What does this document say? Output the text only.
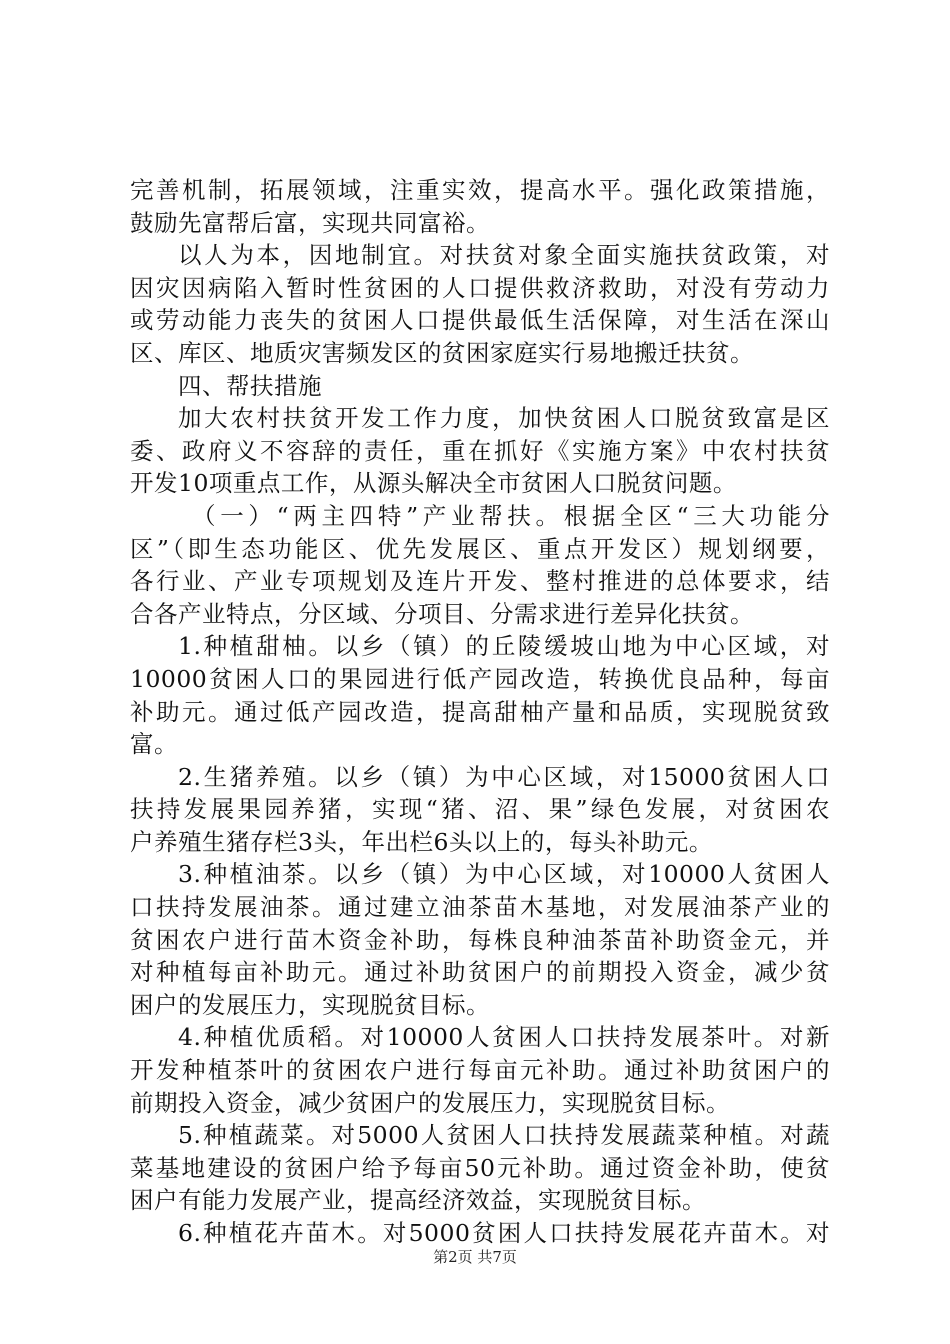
完善机制，拓展领域，注重实效，提高水平。强化政策措施，
鼓励先富帮后富，实现共同富裕。
以人为本，因地制宜。对扶贫对象全面实施扶贫政策，对
因灾因病陷入暂时性贫困的人口提供救济救助，对没有劳动力
或劳动能力丧失的贫困人口提供最低生活保障，对生活在深山
区、库区、地质灾害频发区的贫困家庭实行易地搬迁扶贫。
四、帮扶措施
加大农村扶贫开发工作力度，加快贫困人口脱贫致富是区
委、政府义不容辞的责任，重在抓好《实施方案》中农村扶贫
开发10项重点工作，从源头解决全市贫困人口脱贫问题。
（一）“两主四特”产业帮扶。根据全区“三大功能分
区”（即生态功能区、优先发展区、重点开发区）规划纲要，
各行业、产业专项规划及连片开发、整村推进的总体要求，结
合各产业特点，分区域、分项目、分需求进行差异化扶贫。
1.种植甜柚。以乡（镇）的丘陵缓坡山地为中心区域，对
10000贫困人口的果园进行低产园改造，转换优良品种，每亩
补助元。通过低产园改造，提高甜柚产量和品质，实现脱贫致
富。
2.生猪养殖。以乡（镇）为中心区域，对15000贫困人口
扶持发展果园养猪，实现“猪、沼、果”绿色发展，对贫困农
户养殖生猪存栏3头，年出栏6头以上的，每头补助元。
3.种植油茶。以乡（镇）为中心区域，对10000人贫困人
口扶持发展油茶。通过建立油茶苗木基地，对发展油茶产业的
贫困农户进行苗木资金补助，每株良种油茶苗补助资金元，并
对种植每亩补助元。通过补助贫困户的前期投入资金，减少贫
困户的发展压力，实现脱贫目标。
4.种植优质稻。对10000人贫困人口扶持发展茶叶。对新
开发种植茶叶的贫困农户进行每亩元补助。通过补助贫困户的
前期投入资金，减少贫困户的发展压力，实现脱贫目标。
5.种植蔬菜。对5000人贫困人口扶持发展蔬菜种植。对蔬
菜基地建设的贫困户给予每亩50元补助。通过资金补助，使贫
困户有能力发展产业，提高经济效益，实现脱贫目标。
6.种植花卉苗木。对5000贫困人口扶持发展花卉苗木。对
第2页 共7页
